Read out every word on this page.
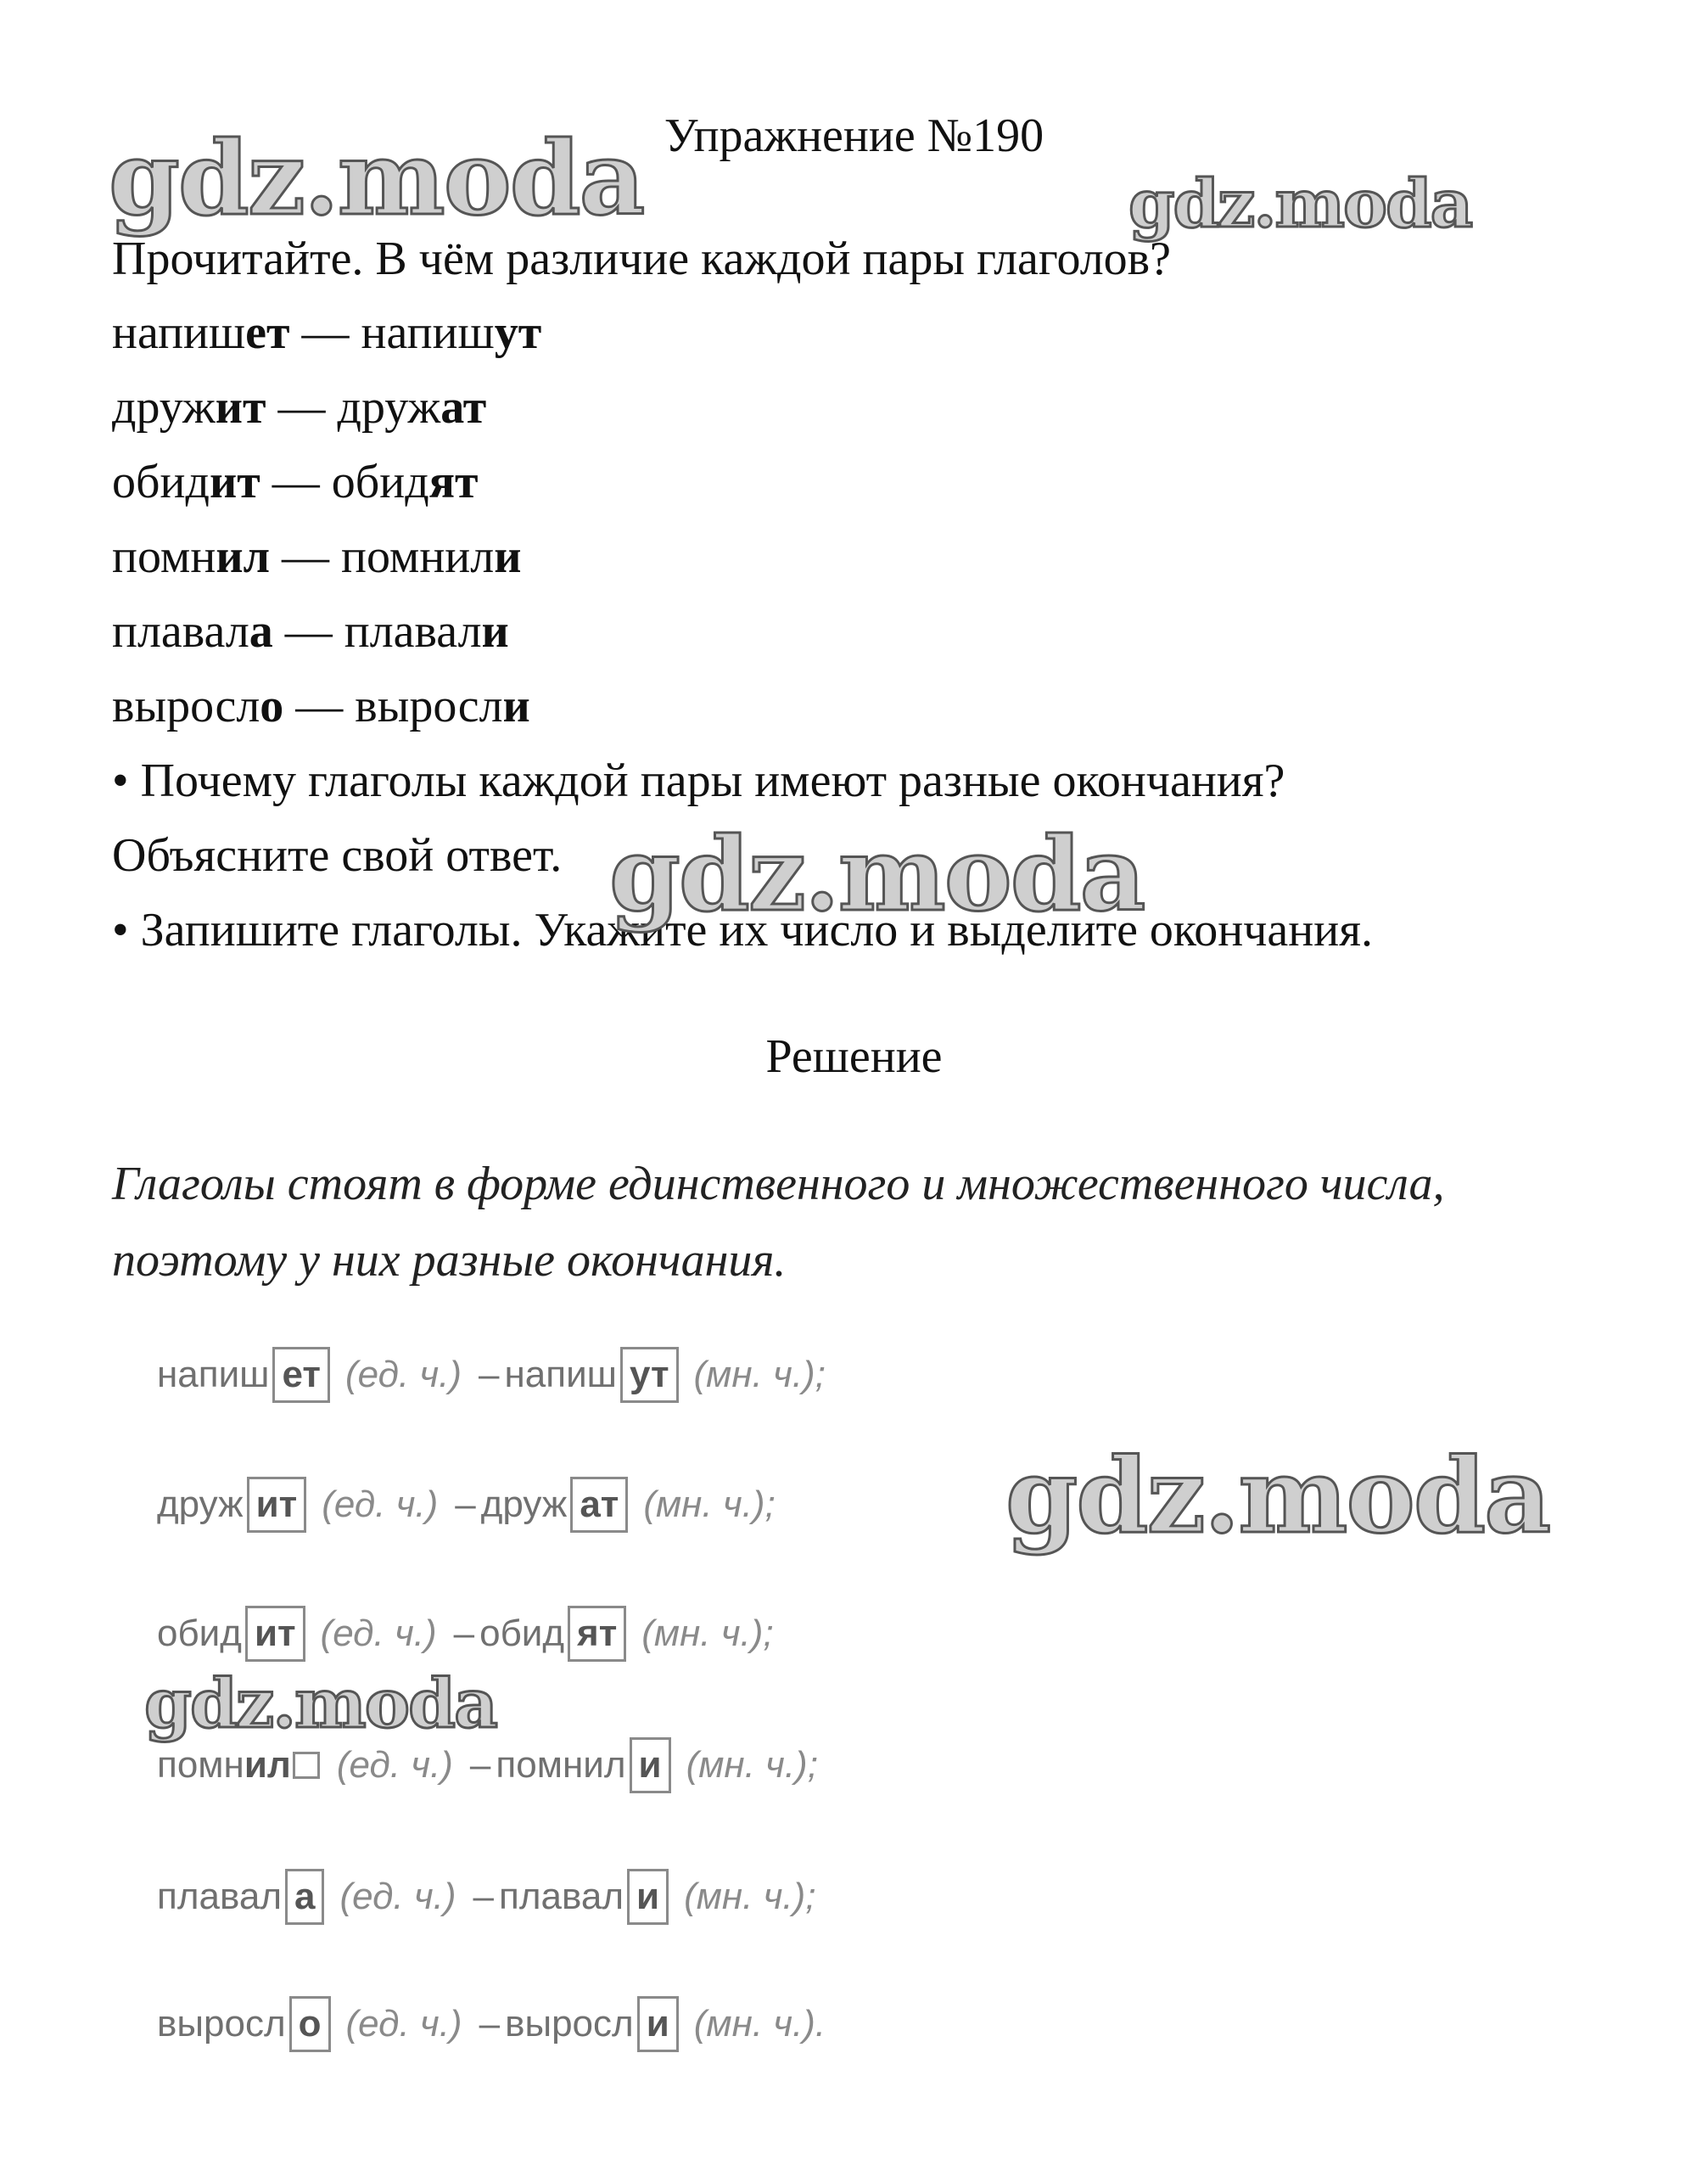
Упражнение №190
Прочитайте. В чём различие каждой пары глаголов?
напишет — напишут
дружит — дружат
обидит — обидят
помнил — помнили
плавала — плавали
выросло — выросли
• Почему глаголы каждой пары имеют разные окончания?
Объясните свой ответ.
• Запишите глаголы. Укажите их число и выделите окончания.
Решение
Глаголы стоят в форме единственного и множественного числа,
поэтому у них разные окончания.
напиш ет (ед. ч.) – напиш ут (мн. ч.);
друж ит (ед. ч.) – друж ат (мн. ч.);
обид ит (ед. ч.) – обид ят (мн. ч.);
помн ил (ед. ч.) – помнил и (мн. ч.);
плавал а (ед. ч.) – плавал и (мн. ч.);
выросл о (ед. ч.) – выросл и (мн. ч.).
gdz.moda	gdz.moda
gdz.moda
gdz.moda
gdz.moda
